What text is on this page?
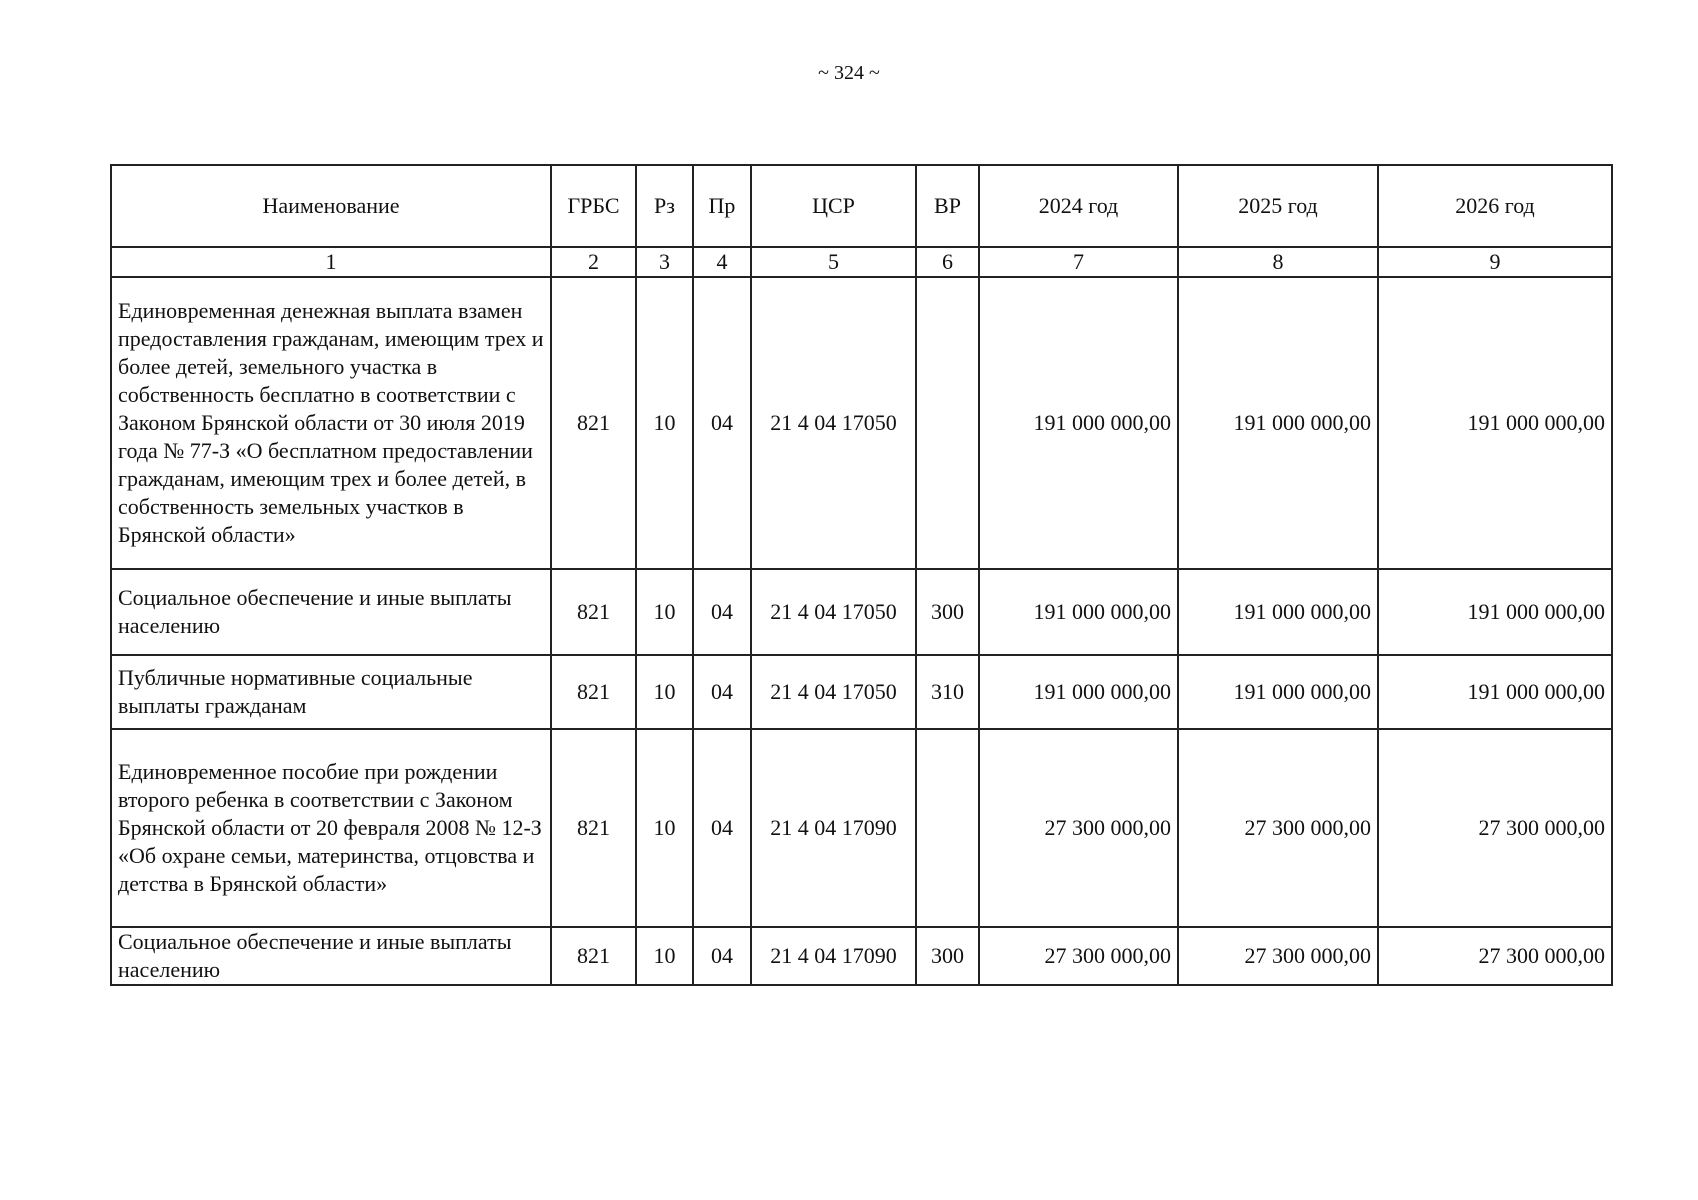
~ 324 ~
Наименование	ГРБС	Рз	Пр	ЦСР	ВР	2024 год	2025 год	2026 год
1	2	3	4	5	6	7	8	9
Единовременная денежная выплата взамен предоставления гражданам, имеющим трех и более детей, земельного участка в собственность бесплатно в соответствии с Законом Брянской области от 30 июля 2019 года № 77-З «О бесплатном предоставлении гражданам, имеющим трех и более детей, в собственность земельных участков в Брянской области»	821	10	04	21 4 04 17050		191 000 000,00	191 000 000,00	191 000 000,00
Социальное обеспечение и иные выплаты населению	821	10	04	21 4 04 17050	300	191 000 000,00	191 000 000,00	191 000 000,00
Публичные нормативные социальные выплаты гражданам	821	10	04	21 4 04 17050	310	191 000 000,00	191 000 000,00	191 000 000,00
Единовременное пособие при рождении второго ребенка в соответствии с Законом Брянской области от 20 февраля 2008 № 12-З «Об охране семьи, материнства, отцовства и детства в Брянской области»	821	10	04	21 4 04 17090		27 300 000,00	27 300 000,00	27 300 000,00
Социальное обеспечение и иные выплаты населению	821	10	04	21 4 04 17090	300	27 300 000,00	27 300 000,00	27 300 000,00
